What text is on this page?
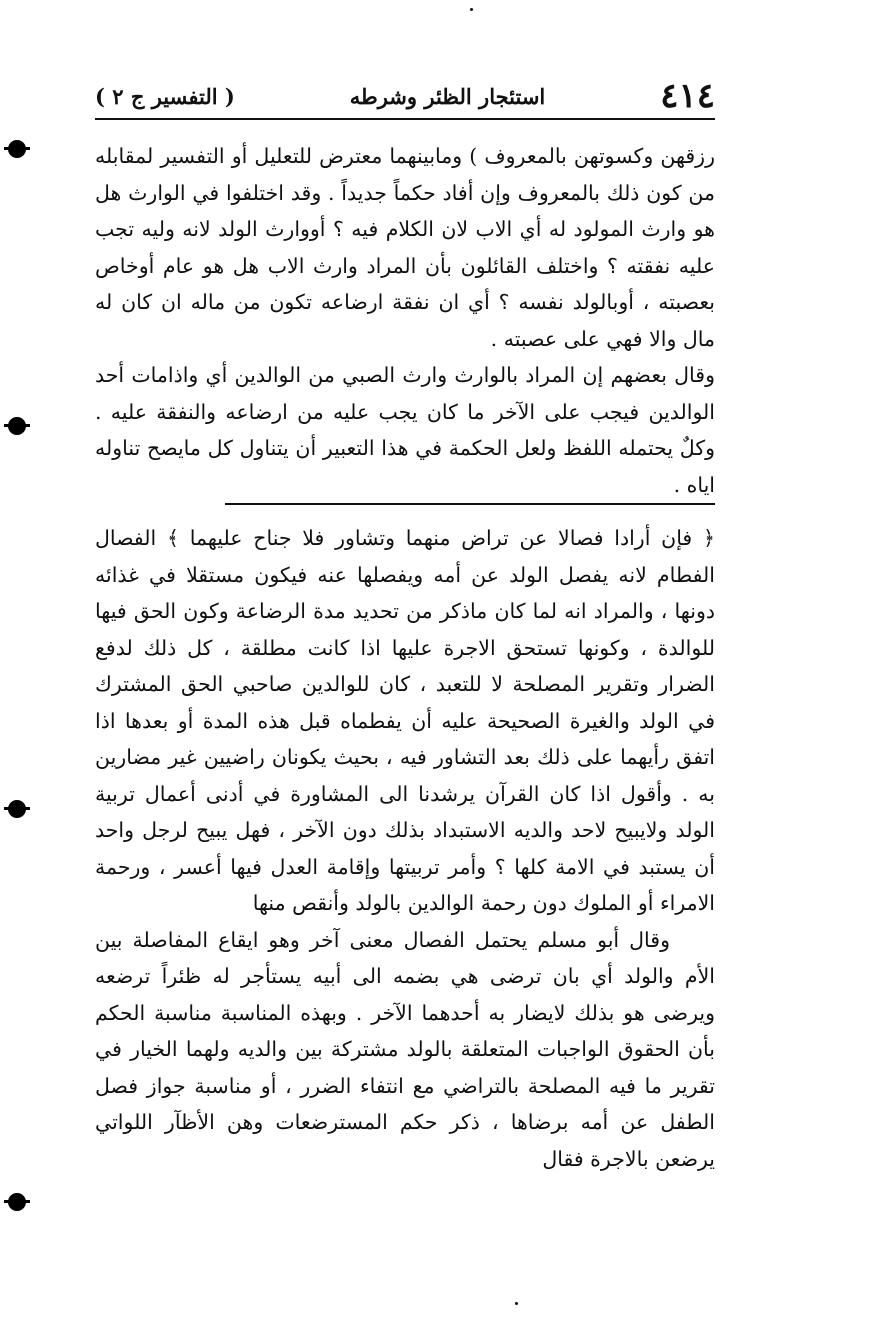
٤١٤
استئجار الظئر وشرطه
( التفسير ج ٢ )

رزقهن وكسوتهن بالمعروف ) ومابينهما معترض للتعليل أو التفسير لمقابله من كون ذلك بالمعروف وإن أفاد حكماً جديداً . وقد اختلفوا في الوارث هل هو وارث المولود له أي الاب لان الكلام فيه ؟ أووارث الولد لانه وليه تجب عليه نفقته ؟ واختلف القائلون بأن المراد وارث الاب هل هو عام أوخاص بعصبته ، أوبالولد نفسه ؟ أي ان نفقة ارضاعه تكون من ماله ان كان له مال والا فهي على عصبته .

وقال بعضهم إن المراد بالوارث وارث الصبي من الوالدين أي واذامات أحد الوالدين فيجب على الآخر ما كان يجب عليه من ارضاعه والنفقة عليه . وكلٌ يحتمله اللفظ ولعل الحكمة في هذا التعبير أن يتناول كل مايصح تناوله اياه .

﴿ فإن أرادا فصالا عن تراض منهما وتشاور فلا جناح عليهما ﴾ الفصال الفطام لانه يفصل الولد عن أمه ويفصلها عنه فيكون مستقلا في غذائه دونها ، والمراد انه لما كان ماذكر من تحديد مدة الرضاعة وكون الحق فيها للوالدة ، وكونها تستحق الاجرة عليها اذا كانت مطلقة ، كل ذلك لدفع الضرار وتقرير المصلحة لا للتعبد ، كان للوالدين صاحبي الحق المشترك في الولد والغيرة الصحيحة عليه أن يفطماه قبل هذه المدة أو بعدها اذا اتفق رأيهما على ذلك بعد التشاور فيه ، بحيث يكونان راضيين غير مضارين به . وأقول اذا كان القرآن يرشدنا الى المشاورة في أدنى أعمال تربية الولد ولايبيح لاحد والديه الاستبداد بذلك دون الآخر ، فهل يبيح لرجل واحد أن يستبد في الامة كلها ؟ وأمر تربيتها وإقامة العدل فيها أعسر ، ورحمة الامراء أو الملوك دون رحمة الوالدين بالولد وأنقص منها

وقال أبو مسلم يحتمل الفصال معنى آخر وهو ايقاع المفاصلة بين الأم والولد أي بان ترضى هي بضمه الى أبيه يستأجر له ظئراً ترضعه ويرضى هو بذلك لايضار به أحدهما الآخر . وبهذه المناسبة مناسبة الحكم بأن الحقوق الواجبات المتعلقة بالولد مشتركة بين والديه ولهما الخيار في تقرير ما فيه المصلحة بالتراضي مع انتفاء الضرر ، أو مناسبة جواز فصل الطفل عن أمه برضاها ، ذكر حكم المسترضعات وهن الأظآر اللواتي يرضعن بالاجرة فقال
